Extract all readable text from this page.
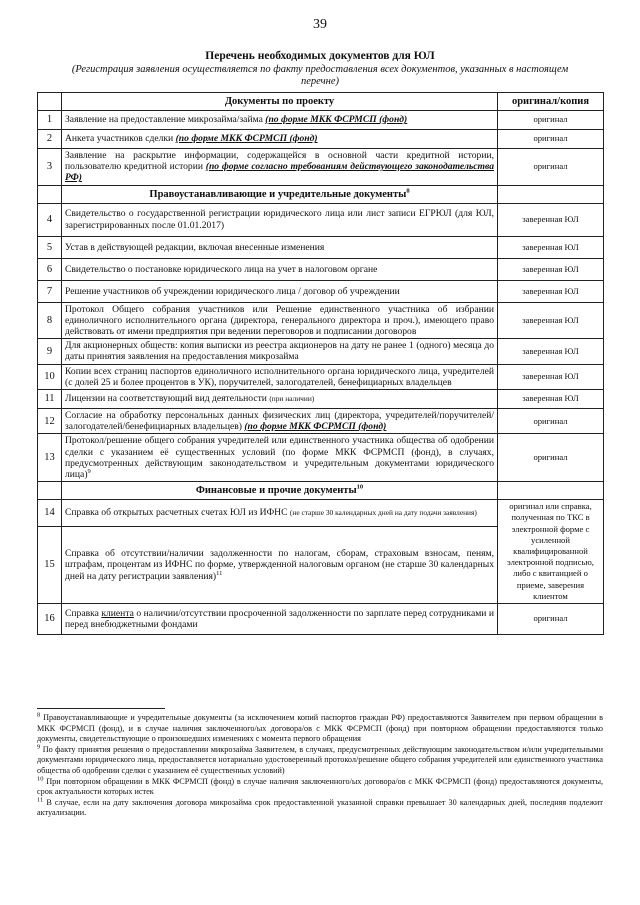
39
Перечень необходимых документов для ЮЛ
(Регистрация заявления осуществляется по факту предоставления всех документов, указанных в настоящем перечне)
	Документы по проекту	оригинал/копия
1	Заявление на предоставление микрозайма/займа (по форме МКК ФСРМСП (фонд)	оригинал
2	Анкета участников сделки (по форме МКК ФСРМСП (фонд)	оригинал
3	Заявление на раскрытие информации, содержащейся в основной части кредитной истории, пользователю кредитной истории (по форме согласно требованиям действующего законодательства РФ)	оригинал
	Правоустанавливающие и учредительные документы$^8$	
4	Свидетельство о государственной регистрации юридического лица или лист записи ЕГРЮЛ (для ЮЛ, зарегистрированных после 01.01.2017)	заверенная ЮЛ
5	Устав в действующей редакции, включая внесенные изменения	заверенная ЮЛ
6	Свидетельство о постановке юридического лица на учет в налоговом органе	заверенная ЮЛ
7	Решение участников об учреждении юридического лица / договор об учреждении	заверенная ЮЛ
8	Протокол Общего собрания участников или Решение единственного участника об избрании единоличного исполнительного органа (директора, генерального директора и проч.), имеющего право действовать от имени предприятия при ведении переговоров и подписании договоров	заверенная ЮЛ
9	Для акционерных обществ: копия выписки из реестра акционеров на дату не ранее 1 (одного) месяца до даты принятия заявления на предоставления микрозайма	заверенная ЮЛ
10	Копии всех страниц паспортов единоличного исполнительного органа юридического лица, учредителей (с долей 25 и более процентов в УК), поручителей, залогодателей, бенефициарных владельцев	заверенная ЮЛ
11	Лицензии на соответствующий вид деятельности (при наличии)	заверенная ЮЛ
12	Согласие на обработку персональных данных физических лиц (директора, учредителей/поручителей/залогодателей/бенефициарных владельцев) (по форме МКК ФСРМСП (фонд)	оригинал
13	Протокол/решение общего собрания учредителей или единственного участника общества об одобрении сделки с указанием её существенных условий (по форме МКК ФСРМСП (фонд), в случаях, предусмотренных действующим законодательством и учредительным документами юридического лица)$^9$	оригинал
	Финансовые и прочие документы$^{10}$	
14	Справка об открытых расчетных счетах ЮЛ из ИФНС (не старше 30 календарных дней на дату подачи заявления)	оригинал или справка, полученная по ТКС в электронной форме с усиленной квалифицированной электронной подписью, либо с квитанцией о приеме, заверения клиентом
15	Справка об отсутствии/наличии задолженности по налогам, сборам, страховым взносам, пеням, штрафам, процентам из ИФНС по форме, утвержденной налоговым органом (не старше 30 календарных дней на дату регистрации заявления)$^{11}$
16	Справка клиента о наличии/отсутствии просроченной задолженности по зарплате перед сотрудниками и перед внебюджетными фондами	оригинал

$^8$ Правоустанавливающие и учредительные документы (за исключением копий паспортов граждан РФ) предоставляются Заявителем при первом обращении в МКК ФСРМСП (фонд), и в случае наличия заключенного/ых договора/ов с МКК ФСРМСП (фонд) при повторном обращении предоставляются только документы, свидетельствующие о произошедших изменениях с момента первого обращения

$^9$ По факту принятия решения о предоставлении микрозайма Заявителем, в случаях, предусмотренных действующим законодательством и/или учредительными документами юридического лица, предоставляется нотариально удостоверенный протокол/решение общего собрания учредителей или единственного участника общества об одобрении сделки с указанием её существенных условий)

$^{10}$ При повторном обращении в МКК ФСРМСП (фонд) в случае наличия заключенного/ых договора/ов с МКК ФСРМСП (фонд) предоставляются документы, срок актуальности которых истек

$^{11}$ В случае, если на дату заключения договора микрозайма срок предоставленной указанной справки превышает 30 календарных дней, последняя подлежит актуализации.
